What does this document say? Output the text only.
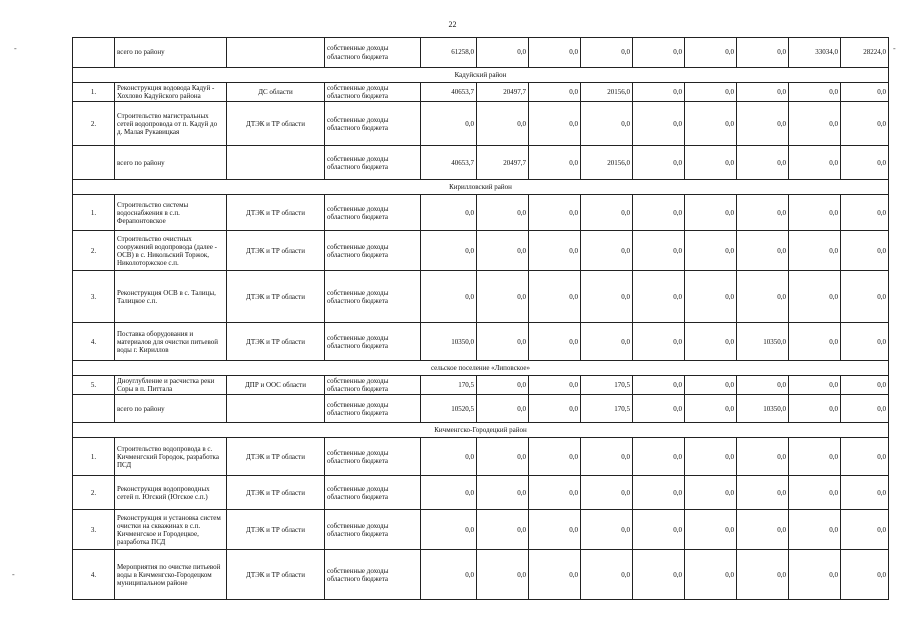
22
-	-
-
	всего по району		собственные доходы областного бюджета	61258,0	0,0	0,0	0,0	0,0	0,0	0,0	33034,0	28224,0
Кадуйский район												
1.	Реконструкция водовода Кадуй - Хохлово Кадуйского района	ДС области	собственные доходы областного бюджета	40653,7	20497,7	0,0	20156,0	0,0	0,0	0,0	0,0	0,0
2.	Строительство магистральных сетей водопровода от п. Кадуй до д. Малая Рукавицкая	ДТЭК и ТР области	собственные доходы областного бюджета	0,0	0,0	0,0	0,0	0,0	0,0	0,0	0,0	0,0
	всего по району		собственные доходы областного бюджета	40653,7	20497,7	0,0	20156,0	0,0	0,0	0,0	0,0	0,0
Кирилловский район												
1.	Строительство системы водоснабжения в с.п. Ферапонтовское	ДТЭК и ТР области	собственные доходы областного бюджета	0,0	0,0	0,0	0,0	0,0	0,0	0,0	0,0	0,0
2.	Строительство очистных сооружений водопровода (далее - ОСВ) в с. Никольский Торжок, Николоторжское с.п.	ДТЭК и ТР области	собственные доходы областного бюджета	0,0	0,0	0,0	0,0	0,0	0,0	0,0	0,0	0,0
3.	Реконструкция ОСВ в с. Талицы, Талицкое с.п.	ДТЭК и ТР области	собственные доходы областного бюджета	0,0	0,0	0,0	0,0	0,0	0,0	0,0	0,0	0,0
4.	Поставка оборудования и материалов для очистки питьевой воды г. Кириллов	ДТЭК и ТР области	собственные доходы областного бюджета	10350,0	0,0	0,0	0,0	0,0	0,0	10350,0	0,0	0,0
сельское поселение «Липовское»												
5.	Дноуглубление и расчистка реки Соры в п. Питтала	ДПР и ООС области	собственные доходы областного бюджета	170,5	0,0	0,0	170,5	0,0	0,0	0,0	0,0	0,0
	всего по району		собственные доходы областного бюджета	10520,5	0,0	0,0	170,5	0,0	0,0	10350,0	0,0	0,0
Кичменгско-Городецкий район												
1.	Строительство водопровода в с. Кичменгский Городок, разработка ПСД	ДТЭК и ТР области	собственные доходы областного бюджета	0,0	0,0	0,0	0,0	0,0	0,0	0,0	0,0	0,0
2.	Реконструкция водопроводных сетей п. Югский (Югское с.п.)	ДТЭК и ТР области	собственные доходы областного бюджета	0,0	0,0	0,0	0,0	0,0	0,0	0,0	0,0	0,0
3.	Реконструкция и установка систем очистки на скважинах в с.п. Кичменгское и Городецкое, разработка ПСД	ДТЭК и ТР области	собственные доходы областного бюджета	0,0	0,0	0,0	0,0	0,0	0,0	0,0	0,0	0,0
4.	Мероприятия по очистке питьевой воды в Кичменгско-Городецком муниципальном районе	ДТЭК и ТР области	собственные доходы областного бюджета	0,0	0,0	0,0	0,0	0,0	0,0	0,0	0,0	0,0
